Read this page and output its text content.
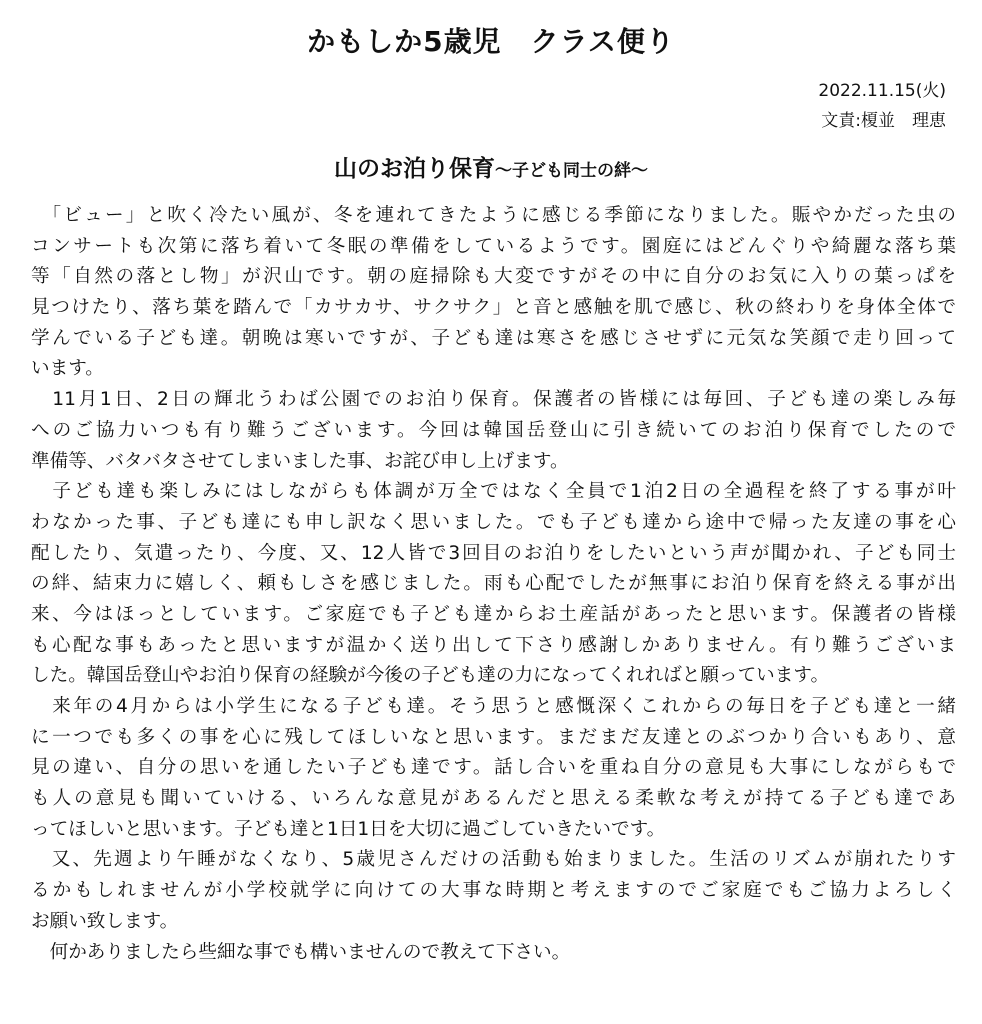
かもしか5歳児　クラス便り
2022.11.15(火)
文責:榎並　理恵
山のお泊り保育～子ども同士の絆～
　「ビュー」と吹く冷たい風が、冬を連れてきたように感じる季節になりました。賑やかだった虫の
コンサートも次第に落ち着いて冬眠の準備をしているようです。園庭にはどんぐりや綺麗な落ち葉
等「自然の落とし物」が沢山です。朝の庭掃除も大変ですがその中に自分のお気に入りの葉っぱを
見つけたり、落ち葉を踏んで「カサカサ、サクサク」と音と感触を肌で感じ、秋の終わりを身体全体で
学んでいる子ども達。朝晩は寒いですが、子ども達は寒さを感じさせずに元気な笑顔で走り回って
います。
　11月1日、2日の輝北うわば公園でのお泊り保育。保護者の皆様には毎回、子ども達の楽しみ毎
へのご協力いつも有り難うございます。今回は韓国岳登山に引き続いてのお泊り保育でしたので
準備等、バタバタさせてしまいました事、お詫び申し上げます。
　子ども達も楽しみにはしながらも体調が万全ではなく全員で1泊2日の全過程を終了する事が叶
わなかった事、子ども達にも申し訳なく思いました。でも子ども達から途中で帰った友達の事を心
配したり、気遣ったり、今度、又、12人皆で3回目のお泊りをしたいという声が聞かれ、子ども同士
の絆、結束力に嬉しく、頼もしさを感じました。雨も心配でしたが無事にお泊り保育を終える事が出
来、今はほっとしています。ご家庭でも子ども達からお土産話があったと思います。保護者の皆様
も心配な事もあったと思いますが温かく送り出して下さり感謝しかありません。有り難うございま
した。韓国岳登山やお泊り保育の経験が今後の子ども達の力になってくれればと願っています。
　来年の4月からは小学生になる子ども達。そう思うと感慨深くこれからの毎日を子ども達と一緒
に一つでも多くの事を心に残してほしいなと思います。まだまだ友達とのぶつかり合いもあり、意
見の違い、自分の思いを通したい子ども達です。話し合いを重ね自分の意見も大事にしながらもで
も人の意見も聞いていける、いろんな意見があるんだと思える柔軟な考えが持てる子ども達であ
ってほしいと思います。子ども達と1日1日を大切に過ごしていきたいです。
　又、先週より午睡がなくなり、5歳児さんだけの活動も始まりました。生活のリズムが崩れたりす
るかもしれませんが小学校就学に向けての大事な時期と考えますのでご家庭でもご協力よろしく
お願い致します。
　何かありましたら些細な事でも構いませんので教えて下さい。
